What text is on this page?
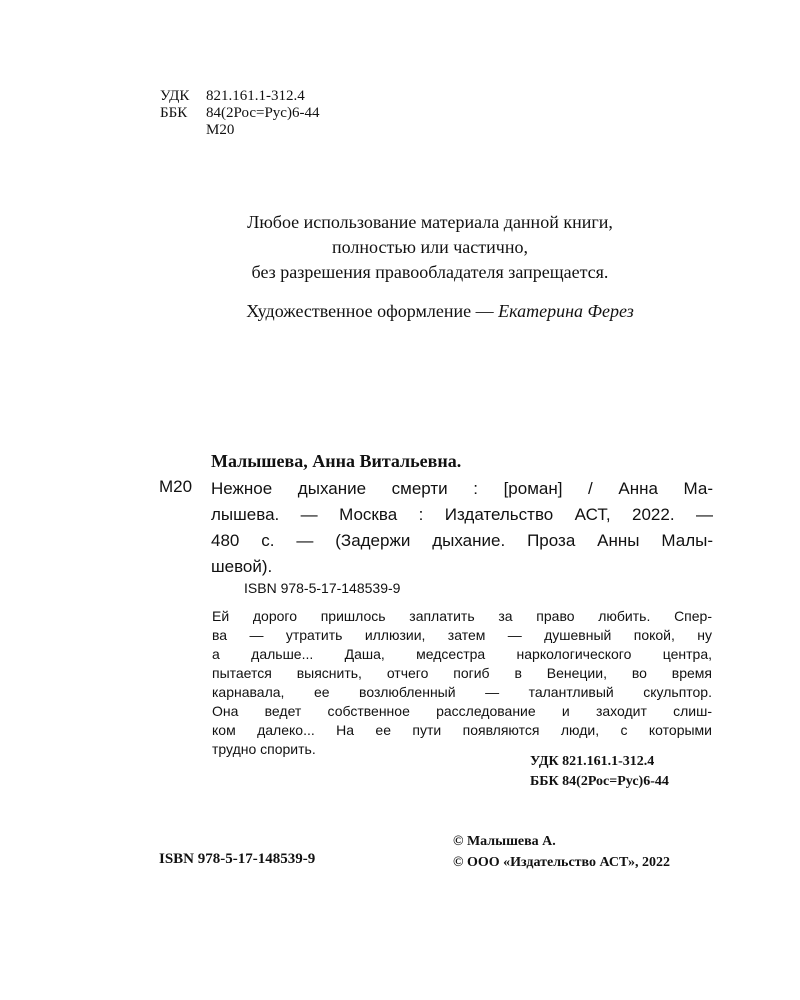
УДК 821.161.1-312.4
ББК 84(2Рос=Рус)6-44
М20
Любое использование материала данной книги,
полностью или частично,
без разрешения правообладателя запрещается.
Художественное оформление — Екатерина Ферез
Малышева, Анна Витальевна.
М20 Нежное дыхание смерти : [роман] / Анна Ма-
лышева. — Москва : Издательство АСТ, 2022. —
480 с. — (Задержи дыхание. Проза Анны Малы-
шевой).
ISBN 978-5-17-148539-9
Ей дорого пришлось заплатить за право любить. Спер-
ва — утратить иллюзии, затем — душевный покой, ну
а дальше... Даша, медсестра наркологического центра,
пытается выяснить, отчего погиб в Венеции, во время
карнавала, ее возлюбленный — талантливый скульптор.
Она ведет собственное расследование и заходит слиш-
ком далеко... На ее пути появляются люди, с которыми
трудно спорить.
УДК 821.161.1-312.4
ББК 84(2Рос=Рус)6-44
ISBN 978-5-17-148539-9
© Малышева А.
© ООО «Издательство АСТ», 2022
